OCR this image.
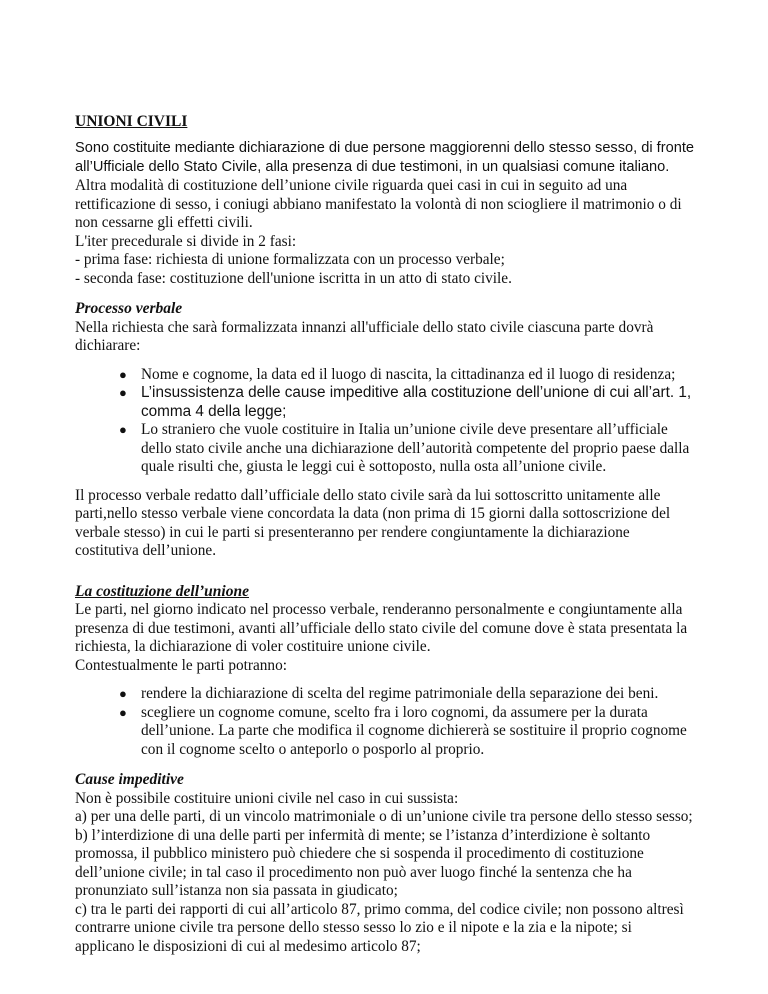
UNIONI CIVILI

Sono costituite mediante dichiarazione di due persone maggiorenni dello stesso sesso, di fronte all’Ufficiale dello Stato Civile, alla presenza di due testimoni, in un qualsiasi comune italiano.

Altra modalità di costituzione dell’unione civile riguarda quei casi in cui in seguito ad una rettificazione di sesso, i coniugi abbiano manifestato la volontà di non sciogliere il matrimonio o di non cessarne gli effetti civili.

L'iter precedurale si divide in 2 fasi:

- prima fase: richiesta di unione formalizzata con un processo verbale;

- seconda fase: costituzione dell'unione iscritta in un atto di stato civile.

Processo verbale

Nella richiesta che sarà formalizzata innanzi all'ufficiale dello stato civile ciascuna parte dovrà dichiarare:

● Nome e cognome, la data ed il luogo di nascita, la cittadinanza ed il luogo di residenza;
● L’insussistenza delle cause impeditive alla costituzione dell’unione di cui all’art. 1, comma 4 della legge;
● Lo straniero che vuole costituire in Italia un’unione civile deve presentare all’ufficiale dello stato civile anche una dichiarazione dell’autorità competente del proprio paese dalla quale risulti che, giusta le leggi cui è sottoposto, nulla osta all’unione civile.

Il processo verbale redatto dall’ufficiale dello stato civile sarà da lui sottoscritto unitamente alle parti,nello stesso verbale viene concordata la data (non prima di 15 giorni dalla sottoscrizione del verbale stesso) in cui le parti si presenteranno per rendere congiuntamente la dichiarazione costitutiva dell’unione.

La costituzione dell’unione

Le parti, nel giorno indicato nel processo verbale, renderanno personalmente e congiuntamente alla presenza di due testimoni, avanti all’ufficiale dello stato civile del comune dove è stata presentata la richiesta, la dichiarazione di voler costituire unione civile.

Contestualmente le parti potranno:

● rendere la dichiarazione di scelta del regime patrimoniale della separazione dei beni.
● scegliere un cognome comune, scelto fra i loro cognomi, da assumere per la durata dell’unione. La parte che modifica il cognome dichiererà se sostituire il proprio cognome con il cognome scelto o anteporlo o posporlo al proprio.
Cause impeditive

Non è possibile costituire unioni civile nel caso in cui sussista:

a) per una delle parti, di un vincolo matrimoniale o di un’unione civile tra persone dello stesso sesso;

b) l’interdizione di una delle parti per infermità di mente; se l’istanza d’interdizione è soltanto promossa, il pubblico ministero può chiedere che si sospenda il procedimento di costituzione dell’unione civile; in tal caso il procedimento non può aver luogo finché la sentenza che ha pronunziato sull’istanza non sia passata in giudicato;

c) tra le parti dei rapporti di cui all’articolo 87, primo comma, del codice civile; non possono altresì contrarre unione civile tra persone dello stesso sesso lo zio e il nipote e la zia e la nipote; si applicano le disposizioni di cui al medesimo articolo 87;
